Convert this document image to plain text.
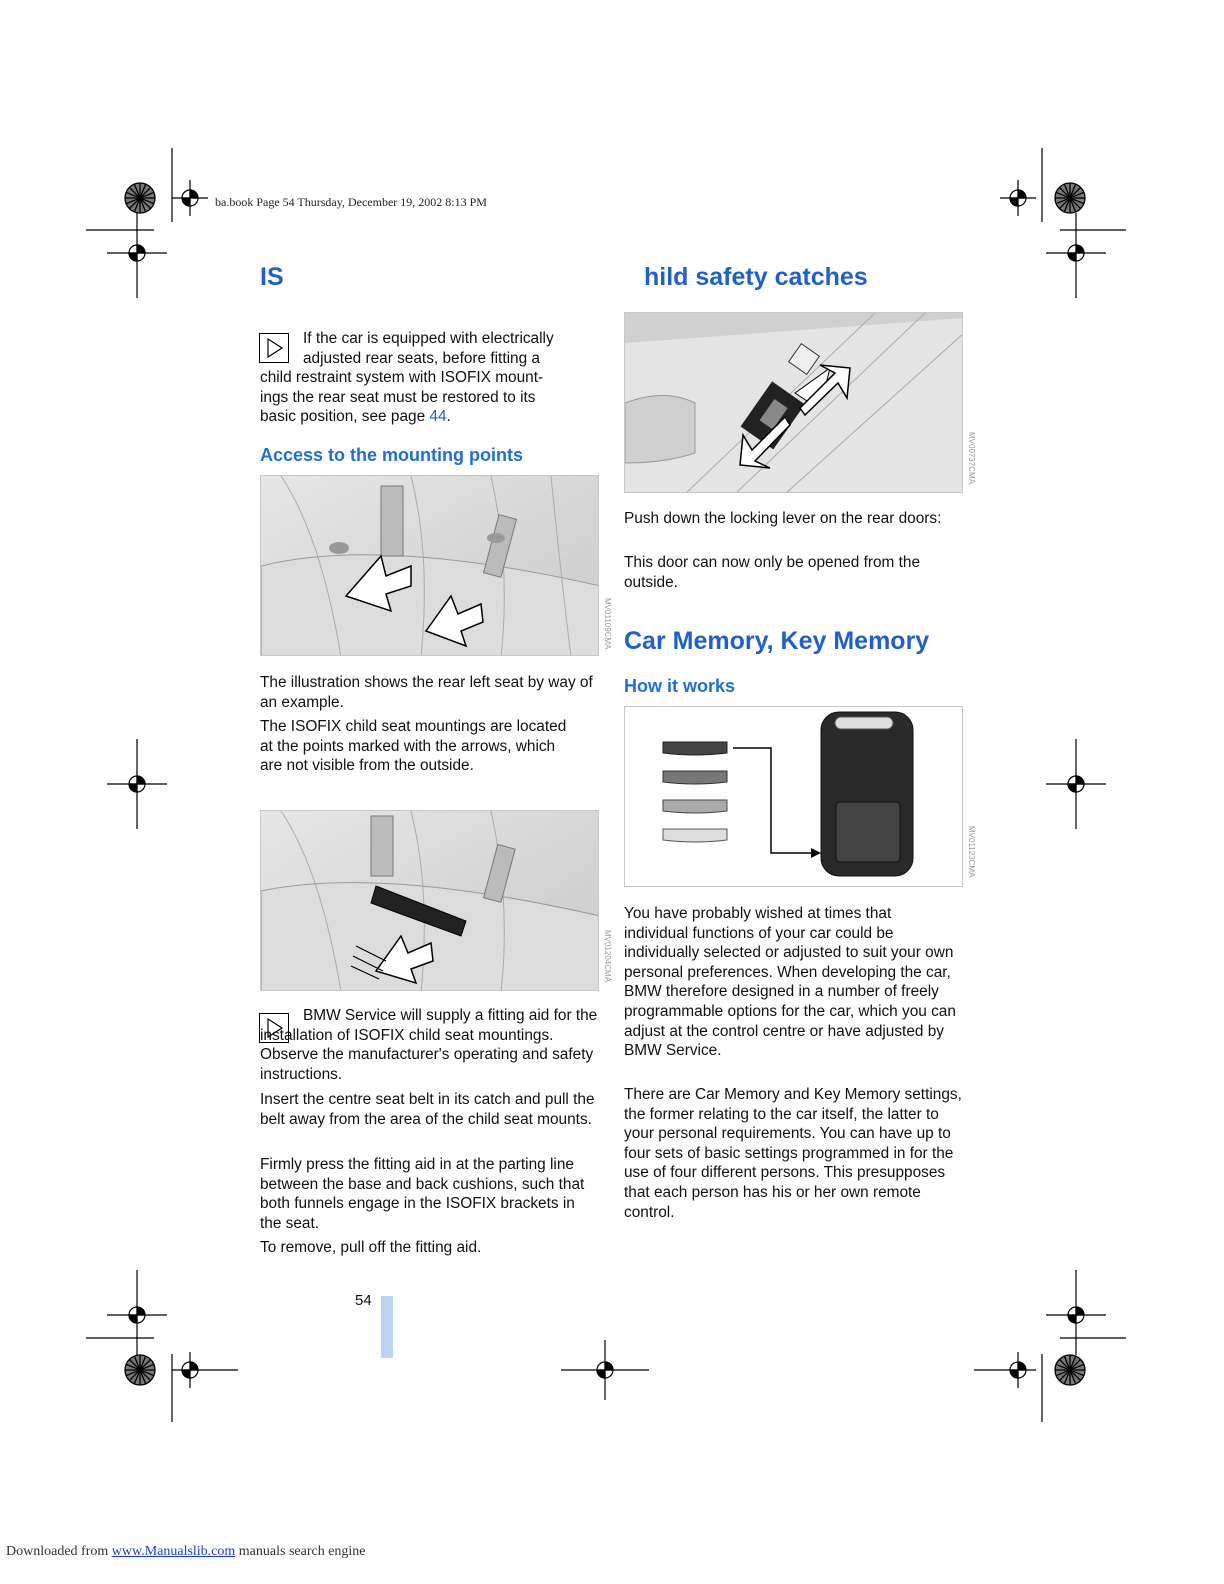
ba.book Page 54 Thursday, December 19, 2002 8:13 PM
IS
If the car is equipped with electrically
adjusted rear seats, before fitting a
child restraint system with ISOFIX mount-
ings the rear seat must be restored to its
basic position, see page 44.
Access to the mounting points
MV01109CMA
The illustration shows the rear left seat by way of an example.
The ISOFIX child seat mountings are located at the points marked with the arrows, which are not visible from the outside.
MV01204CMA
BMW Service will supply a fitting aid for the installation of ISOFIX child seat mountings. Observe the manufacturer's operating and safety instructions.
Insert the centre seat belt in its catch and pull the belt away from the area of the child seat mounts.
Firmly press the fitting aid in at the parting line between the base and back cushions, such that both funnels engage in the ISOFIX brackets in the seat.
To remove, pull off the fitting aid.
54
hild safety catches
MV00737CMA
Push down the locking lever on the rear doors:
This door can now only be opened from the outside.
Car Memory, Key Memory
How it works
MV01123CMA
You have probably wished at times that individual functions of your car could be individually selected or adjusted to suit your own personal preferences. When developing the car, BMW therefore designed in a number of freely programmable options for the car, which you can adjust at the control centre or have adjusted by BMW Service.
There are Car Memory and Key Memory settings, the former relating to the car itself, the latter to your personal requirements. You can have up to four sets of basic settings programmed in for the use of four different persons. This presupposes that each person has his or her own remote control.
Downloaded from www.Manualslib.com manuals search engine
